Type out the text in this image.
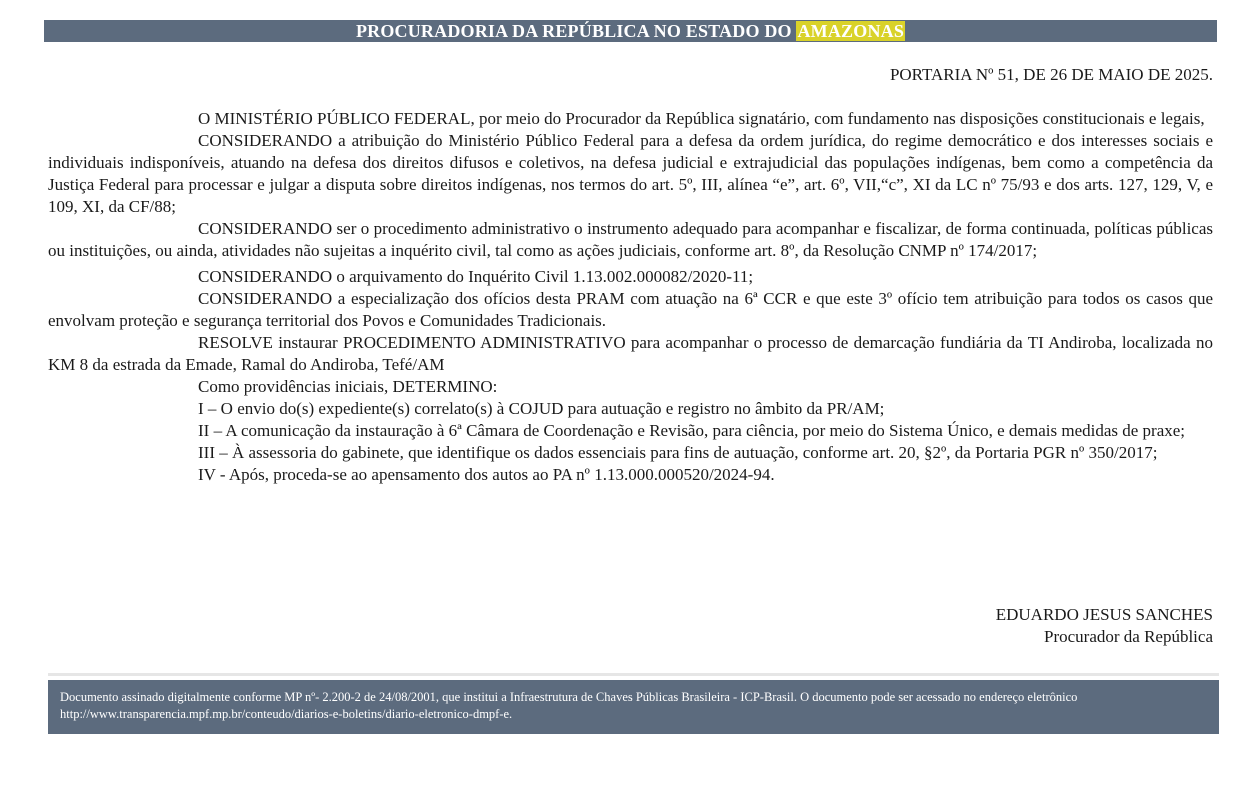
PROCURADORIA DA REPÚBLICA NO ESTADO DO AMAZONAS
PORTARIA Nº 51, DE 26 DE MAIO DE 2025.

O MINISTÉRIO PÚBLICO FEDERAL, por meio do Procurador da República signatário, com fundamento nas disposições constitucionais e legais,

CONSIDERANDO a atribuição do Ministério Público Federal para a defesa da ordem jurídica, do regime democrático e dos interesses sociais e individuais indisponíveis, atuando na defesa dos direitos difusos e coletivos, na defesa judicial e extrajudicial das populações indígenas, bem como a competência da Justiça Federal para processar e julgar a disputa sobre direitos indígenas, nos termos do art. 5º, III, alínea “e”, art. 6º, VII,“c”, XI da LC nº 75/93 e dos arts. 127, 129, V, e 109, XI, da CF/88;

CONSIDERANDO ser o procedimento administrativo o instrumento adequado para acompanhar e fiscalizar, de forma continuada, políticas públicas ou instituições, ou ainda, atividades não sujeitas a inquérito civil, tal como as ações judiciais, conforme art. 8º, da Resolução CNMP nº 174/2017;

CONSIDERANDO o arquivamento do Inquérito Civil 1.13.002.000082/2020-11;

CONSIDERANDO a especialização dos ofícios desta PRAM com atuação na 6ª CCR e que este 3º ofício tem atribuição para todos os casos que envolvam proteção e segurança territorial dos Povos e Comunidades Tradicionais.

RESOLVE instaurar PROCEDIMENTO ADMINISTRATIVO para acompanhar o processo de demarcação fundiária da TI Andiroba, localizada no KM 8 da estrada da Emade, Ramal do Andiroba, Tefé/AM

Como providências iniciais, DETERMINO:

I – O envio do(s) expediente(s) correlato(s) à COJUD para autuação e registro no âmbito da PR/AM;

II – A comunicação da instauração à 6ª Câmara de Coordenação e Revisão, para ciência, por meio do Sistema Único, e demais medidas de praxe;

III – À assessoria do gabinete, que identifique os dados essenciais para fins de autuação, conforme art. 20, §2º, da Portaria PGR nº 350/2017;

IV - Após, proceda-se ao apensamento dos autos ao PA nº 1.13.000.000520/2024-94.

EDUARDO JESUS SANCHES
Procurador da República
Documento assinado digitalmente conforme MP nº- 2.200-2 de 24/08/2001, que institui a Infraestrutura de Chaves Públicas Brasileira - ICP-Brasil. O documento pode ser acessado no endereço eletrônico http://www.transparencia.mpf.mp.br/conteudo/diarios-e-boletins/diario-eletronico-dmpf-e.
